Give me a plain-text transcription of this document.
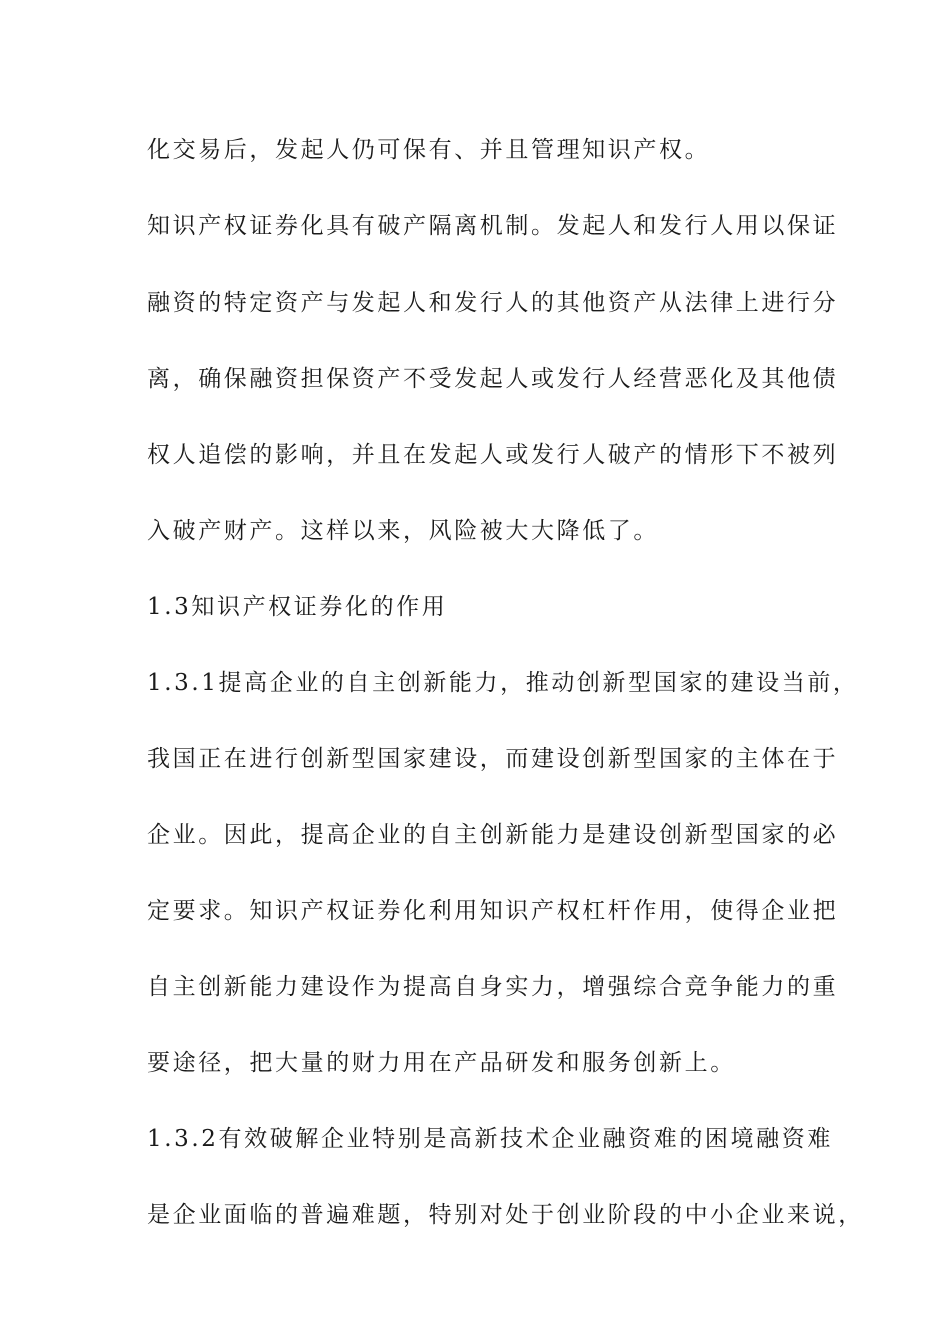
化交易后，发起人仍可保有、并且管理知识产权。
知识产权证券化具有破产隔离机制。发起人和发行人用以保证
融资的特定资产与发起人和发行人的其他资产从法律上进行分
离，确保融资担保资产不受发起人或发行人经营恶化及其他债
权人追偿的影响，并且在发起人或发行人破产的情形下不被列
入破产财产。这样以来，风险被大大降低了。
1.3知识产权证券化的作用
1.3.1提高企业的自主创新能力，推动创新型国家的建设当前，
我国正在进行创新型国家建设，而建设创新型国家的主体在于
企业。因此，提高企业的自主创新能力是建设创新型国家的必
定要求。知识产权证券化利用知识产权杠杆作用，使得企业把
自主创新能力建设作为提高自身实力，增强综合竞争能力的重
要途径，把大量的财力用在产品研发和服务创新上。
1.3.2有效破解企业特别是高新技术企业融资难的困境融资难
是企业面临的普遍难题，特别对处于创业阶段的中小企业来说，
